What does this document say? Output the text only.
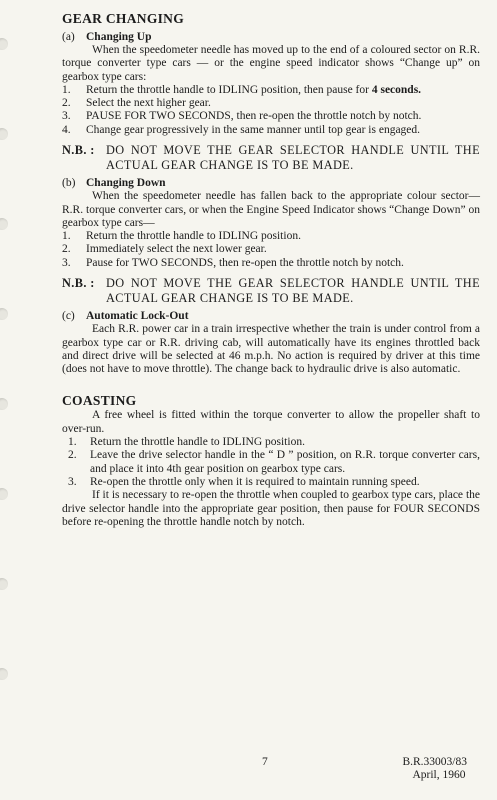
GEAR CHANGING
(a) Changing Up

When the speedometer needle has moved up to the end of a coloured sector on R.R. torque converter type cars — or the engine speed indicator shows “Change up” on gearbox type cars:

1. Return the throttle handle to IDLING position, then pause for 4 seconds.
2. Select the next higher gear.
3. PAUSE FOR TWO SECONDS, then re-open the throttle notch by notch.
4. Change gear progressively in the same manner until top gear is engaged.
N.B. : DO NOT MOVE THE GEAR SELECTOR HANDLE UNTIL THE ACTUAL GEAR CHANGE IS TO BE MADE.
(b) Changing Down

When the speedometer needle has fallen back to the appropriate colour sector—R.R. torque converter cars, or when the Engine Speed Indicator shows “Change Down” on gearbox type cars—

1. Return the throttle handle to IDLING position.
2. Immediately select the next lower gear.
3. Pause for TWO SECONDS, then re-open the throttle notch by notch.
N.B. : DO NOT MOVE THE GEAR SELECTOR HANDLE UNTIL THE ACTUAL GEAR CHANGE IS TO BE MADE.
(c) Automatic Lock-Out

Each R.R. power car in a train irrespective whether the train is under control from a gearbox type car or R.R. driving cab, will automatically have its engines throttled back and direct drive will be selected at 46 m.p.h. No action is required by driver at this time (does not have to move throttle). The change back to hydraulic drive is also automatic.

COASTING

A free wheel is fitted within the torque converter to allow the propeller shaft to over-run.

1. Return the throttle handle to IDLING position.
2. Leave the drive selector handle in the “ D ” position, on R.R. torque converter cars, and place it into 4th gear position on gearbox type cars.
3. Re-open the throttle only when it is required to maintain running speed.

If it is necessary to re-open the throttle when coupled to gearbox type cars, place the drive selector handle into the appropriate gear position, then pause for FOUR SECONDS before re-opening the throttle handle notch by notch.

7	B.R.33003/83
April, 1960
